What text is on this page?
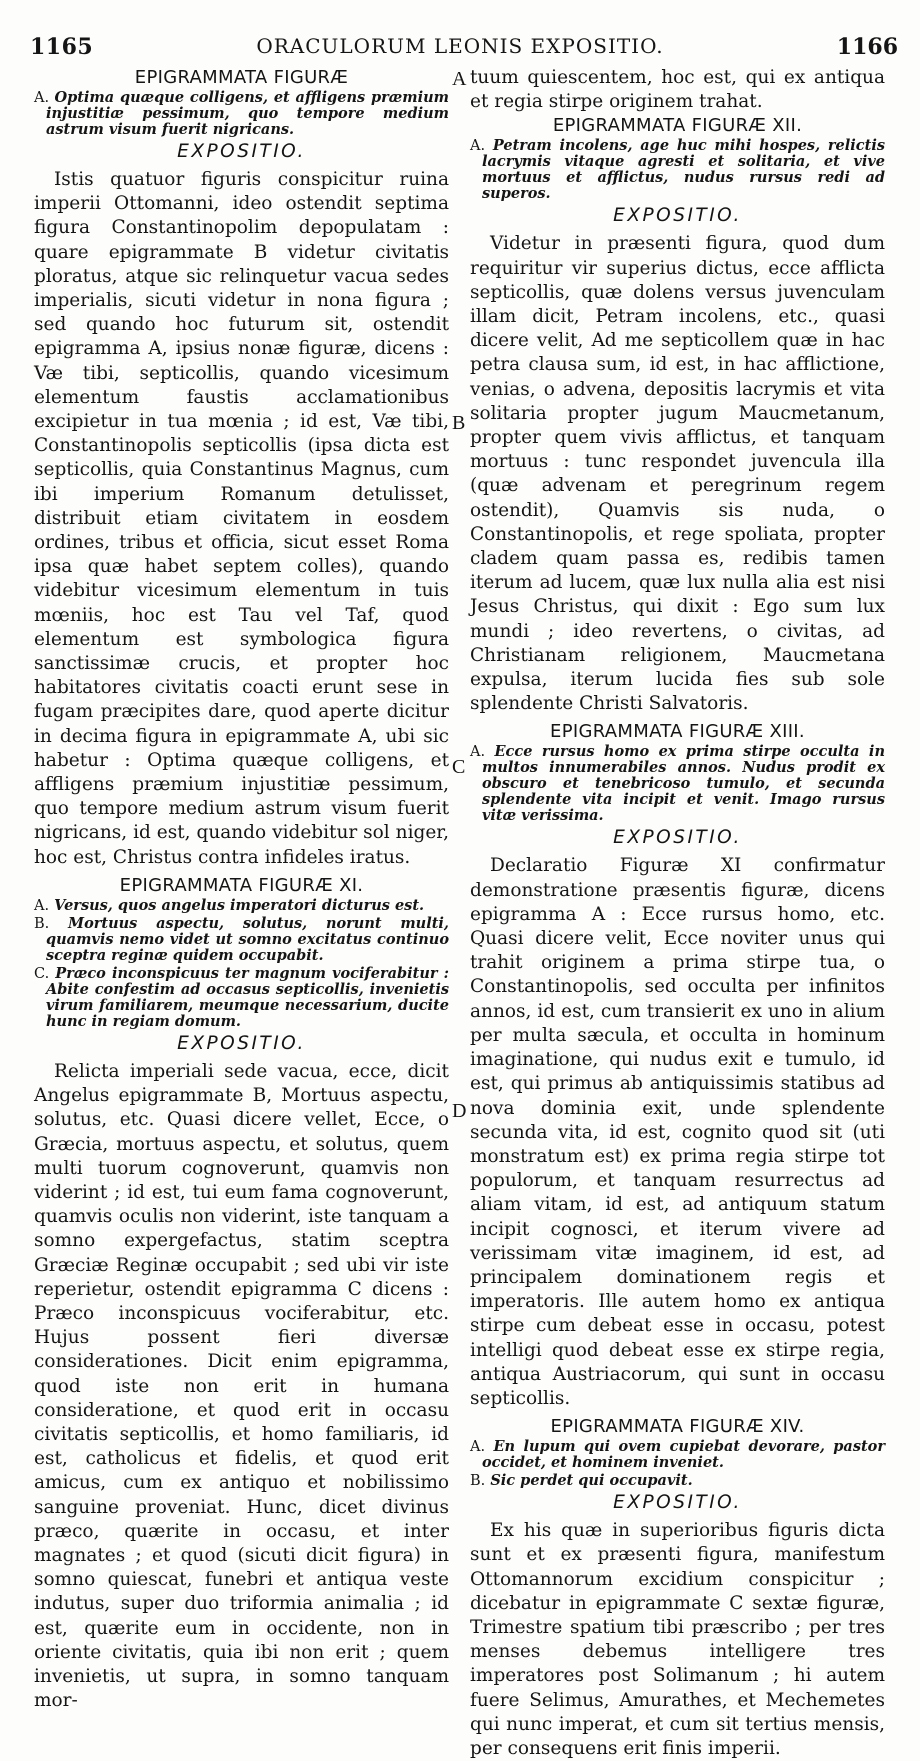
1165	ORACULORUM LEONIS EXPOSITIO.	1166
A
B
C
D
EPIGRAMMATA FIGURÆ
A. Optima quæque colligens, et affligens præmium injustitiæ pessimum, quo tempore medium astrum visum fuerit nigricans.
EXPOSITIO.

Istis quatuor figuris conspicitur ruina imperii Ottomanni, ideo ostendit septima figura Constantinopolim depopulatam : quare epigrammate B videtur civitatis ploratus, atque sic relinquetur vacua sedes imperialis, sicuti videtur in nona figura ; sed quando hoc futurum sit, ostendit epigramma A, ipsius nonæ figuræ, dicens : Væ tibi, septicollis, quando vicesimum elementum faustis acclamationibus excipietur in tua mœnia ; id est, Væ tibi, Constantinopolis septicollis (ipsa dicta est septicollis, quia Constantinus Magnus, cum ibi imperium Romanum detulisset, distribuit etiam civitatem in eosdem ordines, tribus et officia, sicut esset Roma ipsa quæ habet septem colles), quando videbitur vicesimum elementum in tuis mœniis, hoc est Tau vel Taf, quod elementum est symbologica figura sanctissimæ crucis, et propter hoc habitatores civitatis coacti erunt sese in fugam præcipites dare, quod aperte dicitur in decima figura in epigrammate A, ubi sic habetur : Optima quæque colligens, et affligens præmium injustitiæ pessimum, quo tempore medium astrum visum fuerit nigricans, id est, quando videbitur sol niger, hoc est, Christus contra infideles iratus.

EPIGRAMMATA FIGURÆ XI.
A. Versus, quos angelus imperatori dicturus est.
B. Mortuus aspectu, solutus, norunt multi, quamvis nemo videt ut somno excitatus continuo sceptra reginæ quidem occupabit.
C. Præco inconspicuus ter magnum vociferabitur : Abite confestim ad occasus septicollis, invenietis virum familiarem, meumque necessarium, ducite hunc in regiam domum.
EXPOSITIO.

Relicta imperiali sede vacua, ecce, dicit Angelus epigrammate B, Mortuus aspectu, solutus, etc. Quasi dicere vellet, Ecce, o Græcia, mortuus aspectu, et solutus, quem multi tuorum cognoverunt, quamvis non viderint ; id est, tui eum fama cognoverunt, quamvis oculis non viderint, iste tanquam a somno expergefactus, statim sceptra Græciæ Reginæ occupabit ; sed ubi vir iste reperietur, ostendit epigramma C dicens : Præco inconspicuus vociferabitur, etc. Hujus possent fieri diversæ considerationes. Dicit enim epigramma, quod iste non erit in humana consideratione, et quod erit in occasu civitatis septicollis, et homo familiaris, id est, catholicus et fidelis, et quod erit amicus, cum ex antiquo et nobilissimo sanguine proveniat. Hunc, dicet divinus præco, quærite in occasu, et inter magnates ; et quod (sicuti dicit figura) in somno quiescat, funebri et antiqua veste indutus, super duo triformia animalia ; id est, quærite eum in occidente, non in oriente civitatis, quia ibi non erit ; quem invenietis, ut supra, in somno tanquam mor-

tuum quiescentem, hoc est, qui ex antiqua et regia stirpe originem trahat.

EPIGRAMMATA FIGURÆ XII.
A. Petram incolens, age huc mihi hospes, relictis lacrymis vitaque agresti et solitaria, et vive mortuus et afflictus, nudus rursus redi ad superos.
EXPOSITIO.

Videtur in præsenti figura, quod dum requiritur vir superius dictus, ecce afflicta septicollis, quæ dolens versus juvenculam illam dicit, Petram incolens, etc., quasi dicere velit, Ad me septicollem quæ in hac petra clausa sum, id est, in hac afflictione, venias, o advena, depositis lacrymis et vita solitaria propter jugum Maucmetanum, propter quem vivis afflictus, et tanquam mortuus : tunc respondet juvencula illa (quæ advenam et peregrinum regem ostendit), Quamvis sis nuda, o Constantinopolis, et rege spoliata, propter cladem quam passa es, redibis tamen iterum ad lucem, quæ lux nulla alia est nisi Jesus Christus, qui dixit : Ego sum lux mundi ; ideo revertens, o civitas, ad Christianam religionem, Maucmetana expulsa, iterum lucida fies sub sole splendente Christi Salvatoris.

EPIGRAMMATA FIGURÆ XIII.
A. Ecce rursus homo ex prima stirpe occulta in multos innumerabiles annos. Nudus prodit ex obscuro et tenebricoso tumulo, et secunda splendente vita incipit et venit. Imago rursus vitæ verissima.
EXPOSITIO.

Declaratio Figuræ XI confirmatur demonstratione præsentis figuræ, dicens epigramma A : Ecce rursus homo, etc. Quasi dicere velit, Ecce noviter unus qui trahit originem a prima stirpe tua, o Constantinopolis, sed occulta per infinitos annos, id est, cum transierit ex uno in alium per multa sæcula, et occulta in hominum imaginatione, qui nudus exit e tumulo, id est, qui primus ab antiquissimis statibus ad nova dominia exit, unde splendente secunda vita, id est, cognito quod sit (uti monstratum est) ex prima regia stirpe tot populorum, et tanquam resurrectus ad aliam vitam, id est, ad antiquum statum incipit cognosci, et iterum vivere ad verissimam vitæ imaginem, id est, ad principalem dominationem regis et imperatoris. Ille autem homo ex antiqua stirpe cum debeat esse in occasu, potest intelligi quod debeat esse ex stirpe regia, antiqua Austriacorum, qui sunt in occasu septicollis.

EPIGRAMMATA FIGURÆ XIV.
A. En lupum qui ovem cupiebat devorare, pastor occidet, et hominem inveniet.
B. Sic perdet qui occupavit.
EXPOSITIO.

Ex his quæ in superioribus figuris dicta sunt et ex præsenti figura, manifestum Ottomannorum excidium conspicitur ; dicebatur in epigrammate C sextæ figuræ, Trimestre spatium tibi præscribo ; per tres menses debemus intelligere tres imperatores post Solimanum ; hi autem fuere Selimus, Amurathes, et Mechemetes qui nunc imperat, et cum sit tertius mensis, per consequens erit finis imperii.
